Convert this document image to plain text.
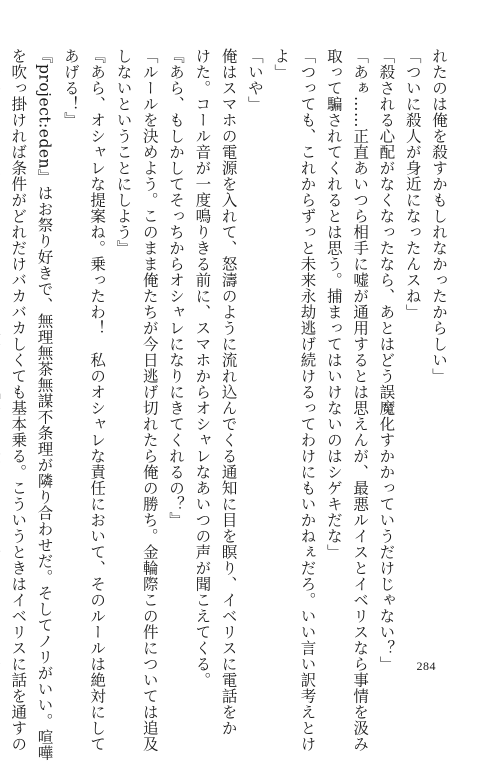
れたのは俺を殺すかもしれなかったからしい」
「ついに殺人が身近になったんスね」
「殺される心配がなくなったなら、あとはどう誤魔化すかかっていうだけじゃない？」
「あぁ……正直あいつら相手に嘘が通用するとは思えんが、最悪ルイスとイベリスなら事情を汲み
取って騙されてくれるとは思う。捕まってはいけないのはシゲキだな」
「つっても、これからずっと未来永劫逃げ続けるってわけにもいかねぇだろ。いい言い訳考えとけ
よ」
「いや」
俺はスマホの電源を入れて、怒濤のように流れ込んでくる通知に目を瞑り、イベリスに電話をか
けた。コール音が一度鳴りきる前に、スマホからオシャレなあいつの声が聞こえてくる。
『あら、もしかしてそっちからオシャレになりにきてくれるの？』
「ルールを決めよう。このまま俺たちが今日逃げ切れたら俺の勝ち。金輪際この件については追及
しないということにしよう』
『あら、オシャレな提案ね。乗ったわ！　私のオシャレな責任において、そのルールは絶対にして
あげる！』
『project:eden』はお祭り好きで、無理無茶無謀不条理が隣り合わせだ。そしてノリがいい。喧嘩
を吹っ掛ければ条件がどれだけバカバカしくても基本乗る。こういうときはイベリスに話を通すの	284
